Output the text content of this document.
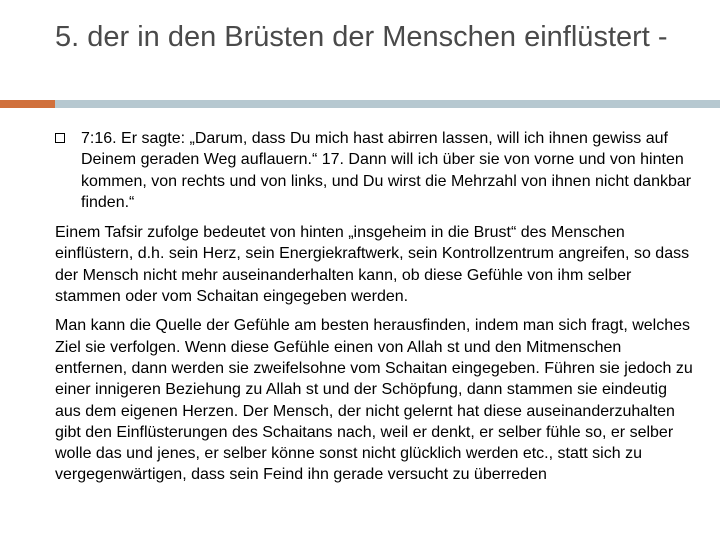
5. der in den Brüsten der Menschen einflüstert -
7:16. Er sagte: „Darum, dass Du mich hast abirren lassen, will ich ihnen gewiss auf Deinem geraden Weg auflauern.“ 17. Dann will ich über sie von vorne und von hinten kommen, von rechts und von links, und Du wirst die Mehrzahl von ihnen nicht dankbar finden.“

Einem Tafsir zufolge bedeutet von hinten „insgeheim in die Brust“ des Menschen einflüstern, d.h. sein Herz, sein Energiekraftwerk, sein Kontrollzentrum angreifen, so dass der Mensch nicht mehr auseinanderhalten kann, ob diese Gefühle von ihm selber stammen oder vom Schaitan eingegeben werden.

Man kann die Quelle der Gefühle am besten herausfinden, indem man sich fragt, welches Ziel sie verfolgen. Wenn diese Gefühle einen von Allah st und den Mitmenschen entfernen, dann werden sie zweifelsohne vom Schaitan eingegeben. Führen sie jedoch zu einer innigeren Beziehung zu Allah st und der Schöpfung, dann stammen sie eindeutig aus dem eigenen Herzen. Der Mensch, der nicht gelernt hat diese auseinanderzuhalten gibt den Einflüsterungen des Schaitans nach, weil er denkt, er selber fühle so, er selber wolle das und jenes, er selber könne sonst nicht glücklich werden etc., statt sich zu vergegenwärtigen, dass sein Feind ihn gerade versucht zu überreden
